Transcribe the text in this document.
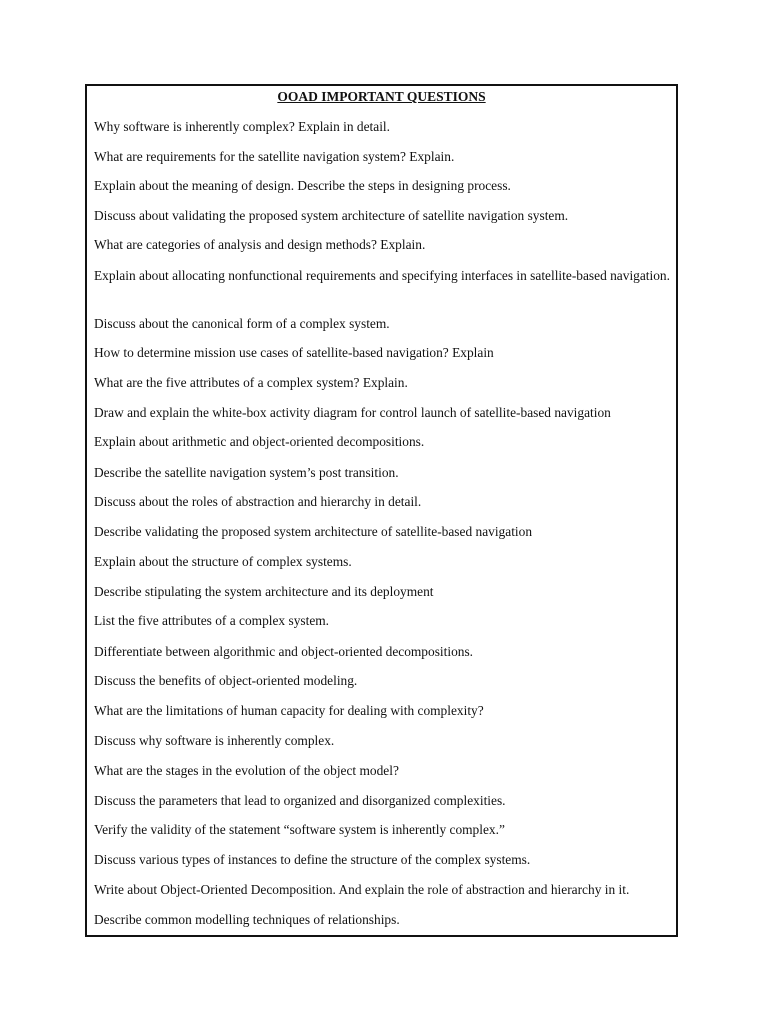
OOAD IMPORTANT QUESTIONS
Why software is inherently complex? Explain in detail.
What are requirements for the satellite navigation system? Explain.
Explain about the meaning of design. Describe the steps in designing process.
Discuss about validating the proposed system architecture of satellite navigation system.
What are categories of analysis and design methods? Explain.
Explain about allocating nonfunctional requirements and specifying interfaces in satellite-based navigation.
Discuss about the canonical form of a complex system.
How to determine mission use cases of satellite-based navigation? Explain
What are the five attributes of a complex system? Explain.
Draw and explain the white-box activity diagram for control launch of satellite-based navigation
Explain about arithmetic and object-oriented decompositions.
Describe the satellite navigation system’s post transition.
Discuss about the roles of abstraction and hierarchy in detail.
Describe validating the proposed system architecture of satellite-based navigation
Explain about the structure of complex systems.
Describe stipulating the system architecture and its deployment
List the five attributes of a complex system.
Differentiate between algorithmic and object-oriented decompositions.
Discuss the benefits of object-oriented modeling.
What are the limitations of human capacity for dealing with complexity?
Discuss why software is inherently complex.
What are the stages in the evolution of the object model?
Discuss the parameters that lead to organized and disorganized complexities.
Verify the validity of the statement “software system is inherently complex.”
Discuss various types of instances to define the structure of the complex systems.
Write about Object-Oriented Decomposition. And explain the role of abstraction and hierarchy in it.
Describe common modelling techniques of relationships.
